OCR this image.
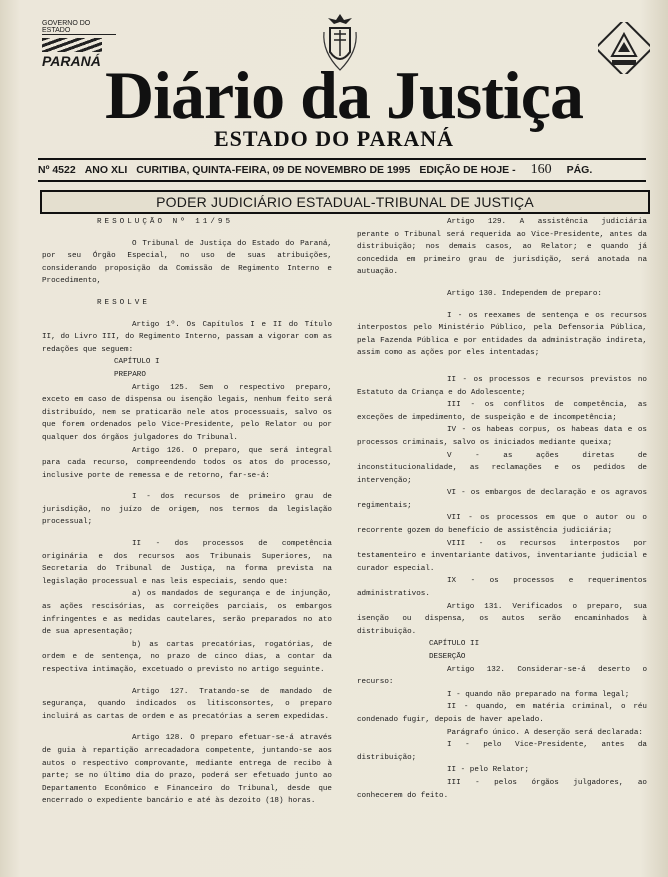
GOVERNO DO ESTADO
PARANÁ Diário da Justiça
ESTADO DO PARANÁ
Nº 4522 ANO XLI CURITIBA, QUINTA-FEIRA, 09 DE NOVEMBRO DE 1995 EDIÇÃO DE HOJE - 160 PÁG.
PODER JUDICIÁRIO ESTADUAL-TRIBUNAL DE JUSTIÇA

RESOLUÇÃO Nº 11/95

O Tribunal de Justiça do Estado do Paraná, por seu Órgão Especial, no uso de suas atribuições, considerando proposição da Comissão de Regimento Interno e Procedimento,

RESOLVE

Artigo 1º. Os Capítulos I e II do Título II, do Livro III, do Regimento Interno, passam a vigorar com as redações que seguem:

CAPÍTULO I

PREPARO

Artigo 125. Sem o respectivo preparo, exceto em caso de dispensa ou isenção legais, nenhum feito será distribuído, nem se praticarão nele atos processuais, salvo os que forem ordenados pelo Vice-Presidente, pelo Relator ou por qualquer dos órgãos julgadores do Tribunal.

Artigo 126. O preparo, que será integral para cada recurso, compreendendo todos os atos do processo, inclusive porte de remessa e de retorno, far-se-á:

I - dos recursos de primeiro grau de jurisdição, no juízo de origem, nos termos da legislação processual;

II - dos processos de competência originária e dos recursos aos Tribunais Superiores, na Secretaria do Tribunal de Justiça, na forma prevista na legislação processual e nas leis especiais, sendo que:

a) os mandados de segurança e de injunção, as ações rescisórias, as correições parciais, os embargos infringentes e as medidas cautelares, serão preparados no ato de sua apresentação;

b) as cartas precatórias, rogatórias, de ordem e de sentença, no prazo de cinco dias, a contar da respectiva intimação, excetuado o previsto no artigo seguinte.

Artigo 127. Tratando-se de mandado de segurança, quando indicados os litisconsortes, o preparo incluirá as cartas de ordem e as precatórias a serem expedidas.

Artigo 128. O preparo efetuar-se-á através de guia à repartição arrecadadora competente, juntando-se aos autos o respectivo comprovante, mediante entrega de recibo à parte; se no último dia do prazo, poderá ser efetuado junto ao Departamento Econômico e Financeiro do Tribunal, desde que encerrado o expediente bancário e até às dezoito (18) horas.

Artigo 129. A assistência judiciária perante o Tribunal será requerida ao Vice-Presidente, antes da distribuição; nos demais casos, ao Relator; e quando já concedida em primeiro grau de jurisdição, será anotada na autuação.

Artigo 130. Independem de preparo:

I - os reexames de sentença e os recursos interpostos pelo Ministério Público, pela Defensoria Pública, pela Fazenda Pública e por entidades da administração indireta, assim como as ações por eles intentadas;

II - os processos e recursos previstos no Estatuto da Criança e do Adolescente;

III - os conflitos de competência, as exceções de impedimento, de suspeição e de incompetência;

IV - os habeas corpus, os habeas data e os processos criminais, salvo os iniciados mediante queixa;

V - as ações diretas de inconstitucionalidade, as reclamações e os pedidos de intervenção;

VI - os embargos de declaração e os agravos regimentais;

VII - os processos em que o autor ou o recorrente gozem do benefício de assistência judiciária;

VIII - os recursos interpostos por testamenteiro e inventariante dativos, inventariante judicial e curador especial.

IX - os processos e requerimentos administrativos.

Artigo 131. Verificados o preparo, sua isenção ou dispensa, os autos serão encaminhados à distribuição.

CAPÍTULO II

DESERÇÃO

Artigo 132. Considerar-se-á deserto o recurso:

I - quando não preparado na forma legal;

II - quando, em matéria criminal, o réu condenado fugir, depois de haver apelado.

Parágrafo único. A deserção será declarada:

I - pelo Vice-Presidente, antes da distribuição;

II - pelo Relator;

III - pelos órgãos julgadores, ao conhecerem do feito.
